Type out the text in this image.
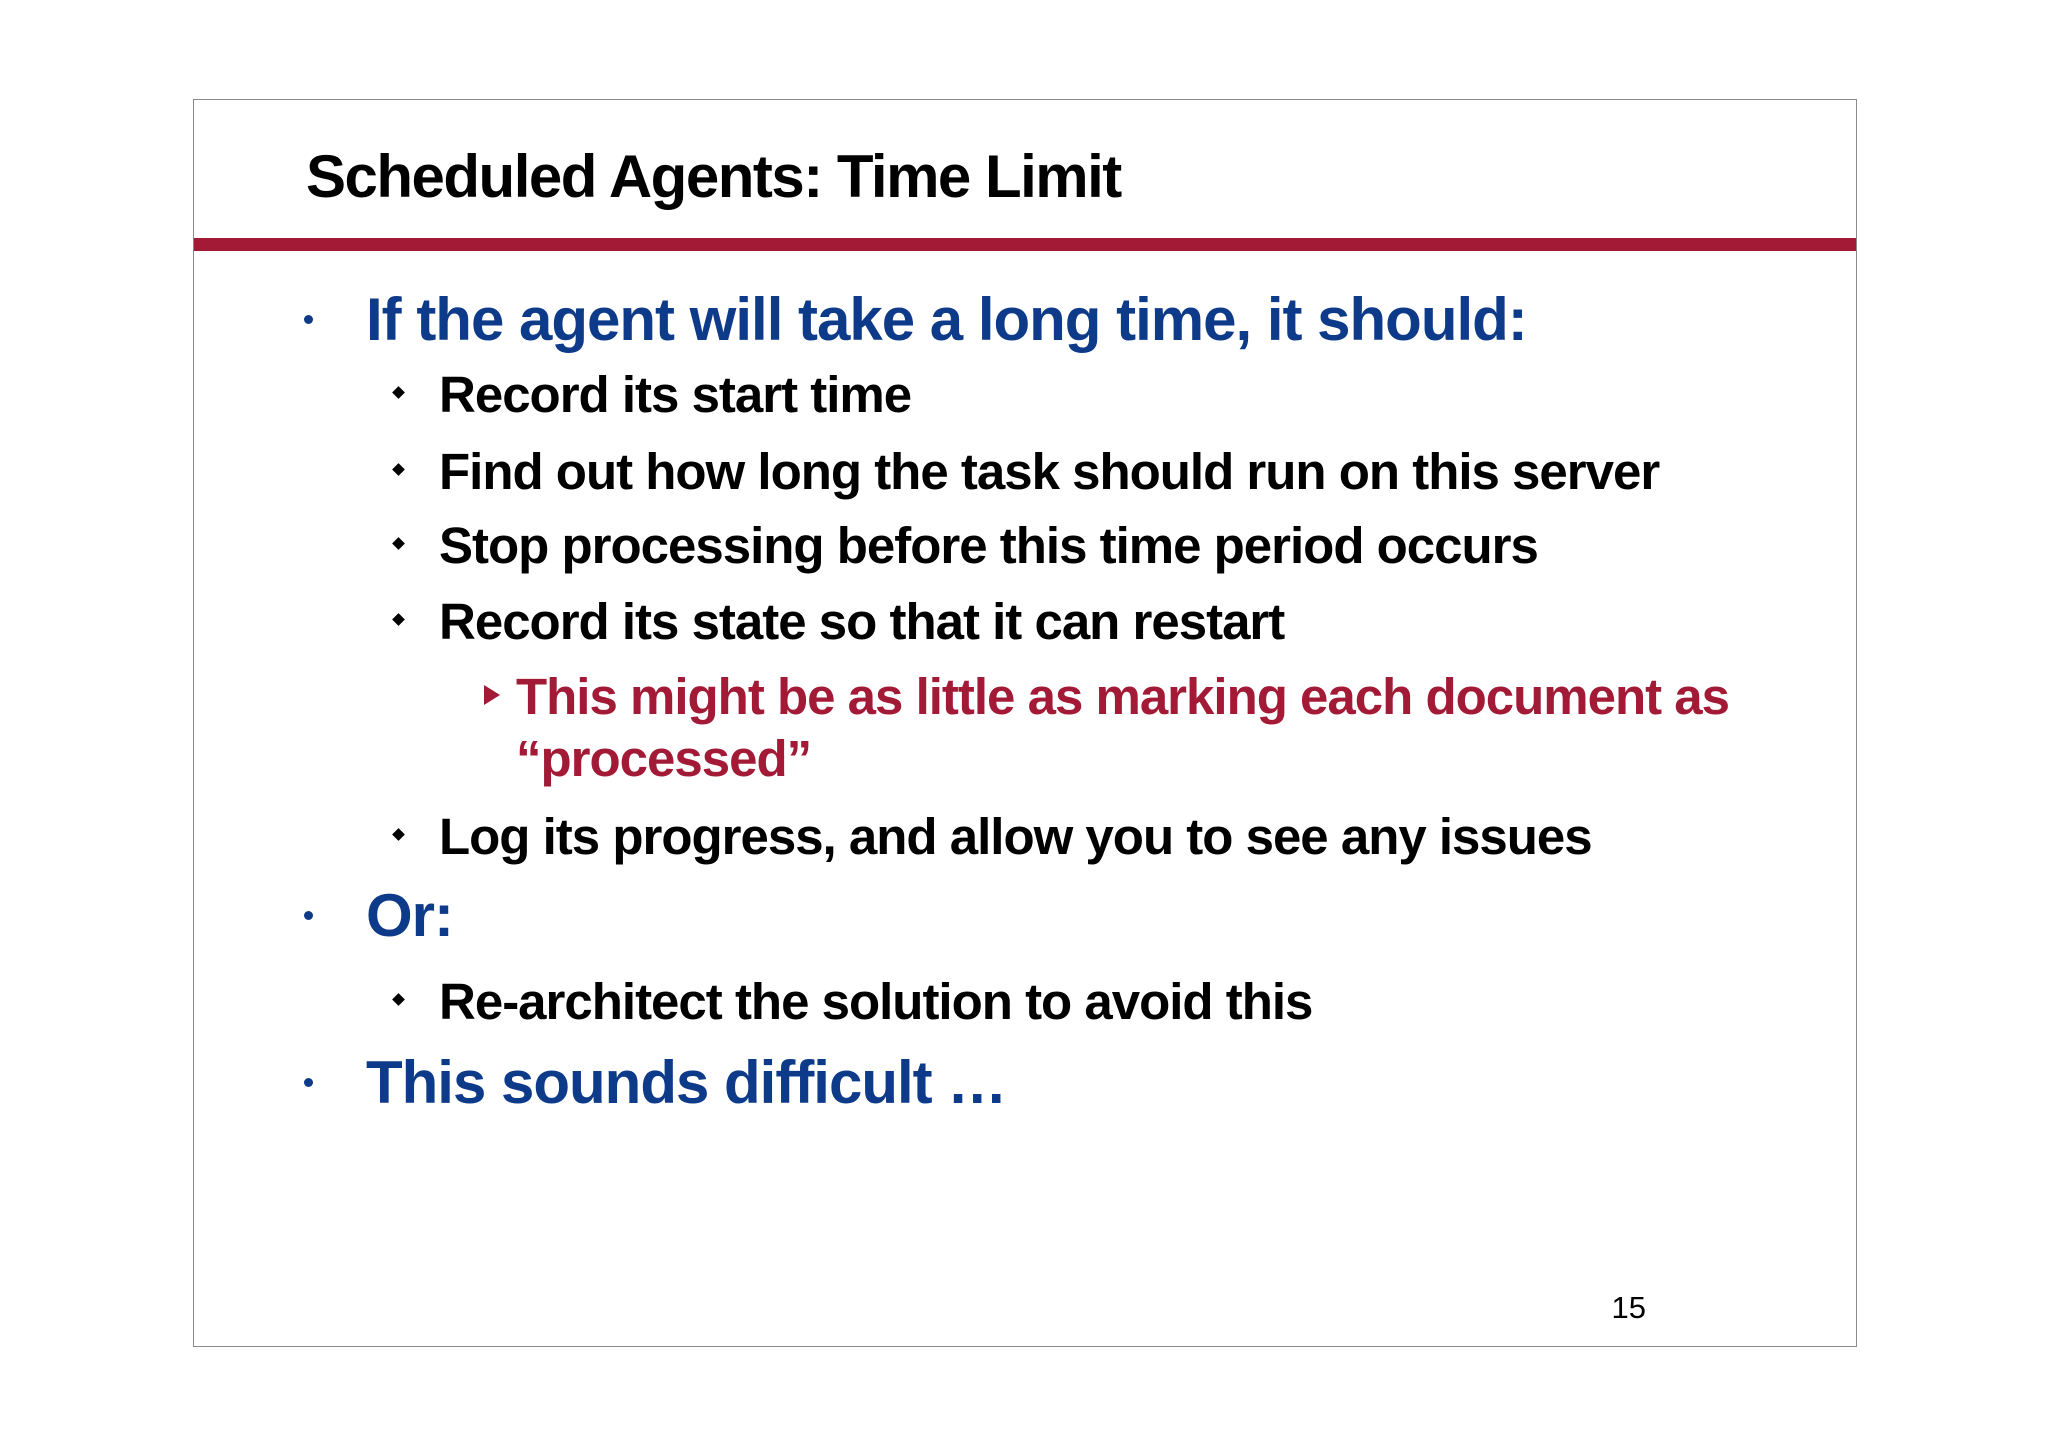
Scheduled Agents: Time Limit
If the agent will take a long time, it should:
Record its start time
Find out how long the task should run on this server
Stop processing before this time period occurs
Record its state so that it can restart
This might be as little as marking each document as
“processed”
Log its progress, and allow you to see any issues
Or:
Re-architect the solution to avoid this
This sounds difficult …
15
